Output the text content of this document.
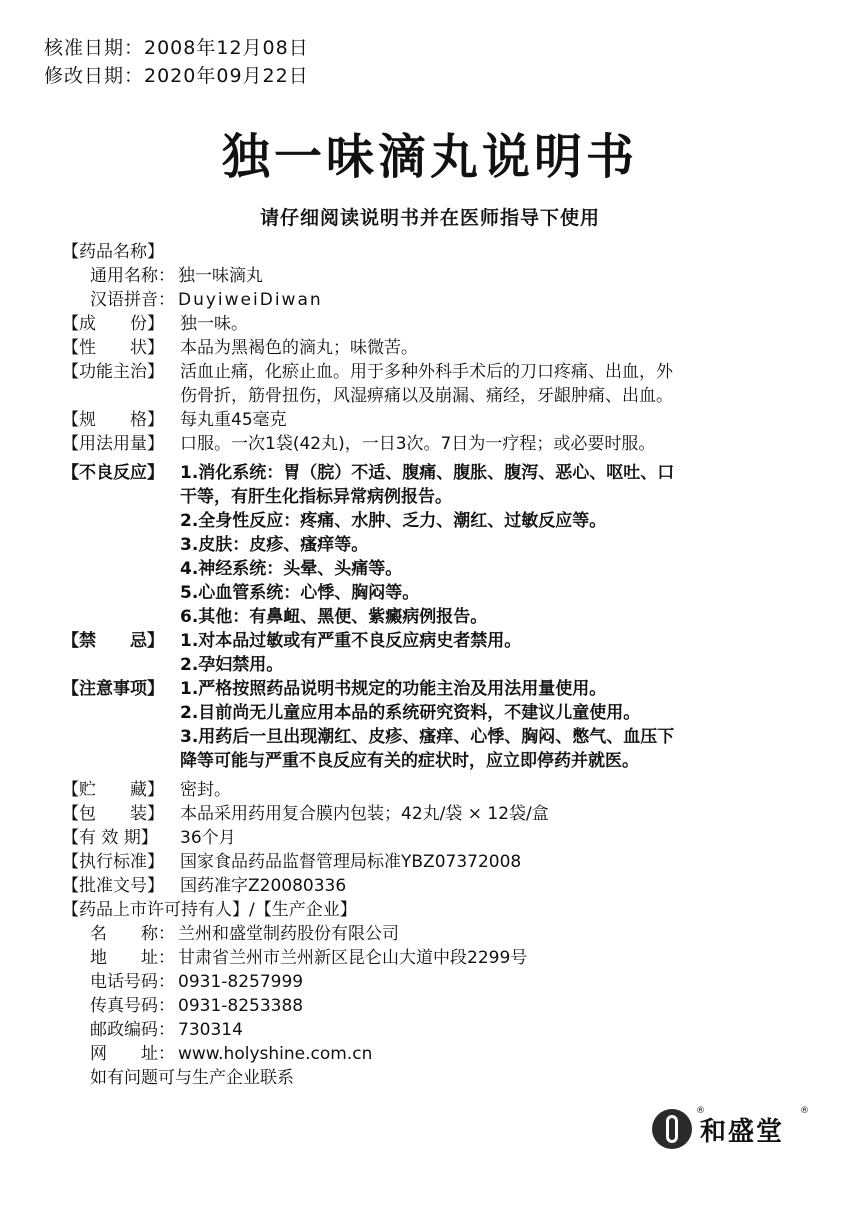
核准日期：2008年12月08日
修改日期：2020年09月22日
独一味滴丸说明书
请仔细阅读说明书并在医师指导下使用
【药品名称】
通用名称： 独一味滴丸
汉语拼音： DuyiweiDiwan
【成　　份】 独一味。
【性　　状】 本品为黑褐色的滴丸；味微苦。
【功能主治】 活血止痛，化瘀止血。用于多种外科手术后的刀口疼痛、出血，外
伤骨折，筋骨扭伤，风湿痹痛以及崩漏、痛经，牙龈肿痛、出血。
【规　　格】 每丸重45毫克
【用法用量】 口服。一次1袋(42丸)，一日3次。7日为一疗程；或必要时服。
【不良反应】 1.消化系统：胃（脘）不适、腹痛、腹胀、腹泻、恶心、呕吐、口
干等，有肝生化指标异常病例报告。
2.全身性反应：疼痛、水肿、乏力、潮红、过敏反应等。
3.皮肤：皮疹、瘙痒等。
4.神经系统：头晕、头痛等。
5.心血管系统：心悸、胸闷等。
6.其他：有鼻衄、黑便、紫癜病例报告。
【禁　　忌】 1.对本品过敏或有严重不良反应病史者禁用。
2.孕妇禁用。
【注意事项】 1.严格按照药品说明书规定的功能主治及用法用量使用。
2.目前尚无儿童应用本品的系统研究资料，不建议儿童使用。
3.用药后一旦出现潮红、皮疹、瘙痒、心悸、胸闷、憋气、血压下
降等可能与严重不良反应有关的症状时，应立即停药并就医。
【贮　　藏】 密封。
【包　　装】 本品采用药用复合膜内包装；42丸/袋 × 12袋/盒
【有 效 期】	36个月
【执行标准】 国家食品药品监督管理局标准YBZ07372008
【批准文号】 国药准字Z20080336
【药品上市许可持有人】/【生产企业】
名　　称： 兰州和盛堂制药股份有限公司
地　　址： 甘肃省兰州市兰州新区昆仑山大道中段2299号
电话号码： 0931-8257999
传真号码： 0931-8253388
邮政编码： 730314
网　　址： www.holyshine.com.cn
如有问题可与生产企业联系
®
和盛堂
®
